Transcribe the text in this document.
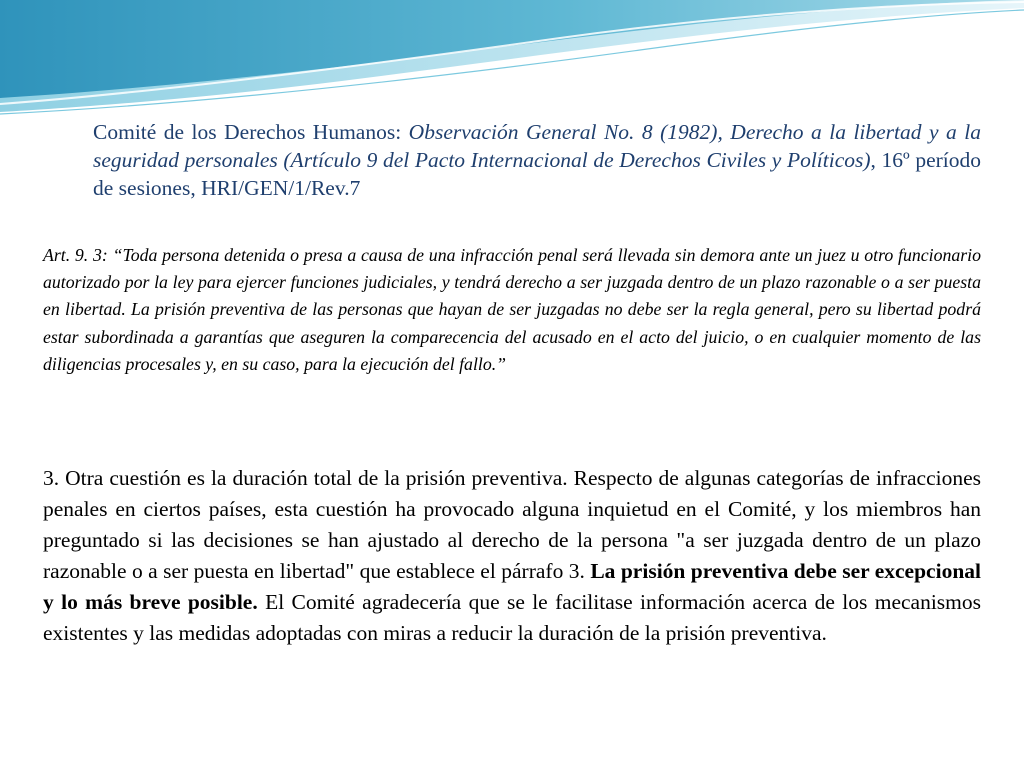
Comité de los Derechos Humanos: Observación General No. 8 (1982), Derecho a la libertad y a la seguridad personales (Artículo 9 del Pacto Internacional de Derechos Civiles y Políticos), 16º período de sesiones, HRI/GEN/1/Rev.7
Art. 9. 3: “Toda persona detenida o presa a causa de una infracción penal será llevada sin demora ante un juez u otro funcionario autorizado por la ley para ejercer funciones judiciales, y tendrá derecho a ser juzgada dentro de un plazo razonable o a ser puesta en libertad. La prisión preventiva de las personas que hayan de ser juzgadas no debe ser la regla general, pero su libertad podrá estar subordinada a garantías que aseguren la comparecencia del acusado en el acto del juicio, o en cualquier momento de las diligencias procesales y, en su caso, para la ejecución del fallo.”
3. Otra cuestión es la duración total de la prisión preventiva. Respecto de algunas categorías de infracciones penales en ciertos países, esta cuestión ha provocado alguna inquietud en el Comité, y los miembros han preguntado si las decisiones se han ajustado al derecho de la persona "a ser juzgada dentro de un plazo razonable o a ser puesta en libertad" que establece el párrafo 3. La prisión preventiva debe ser excepcional y lo más breve posible. El Comité agradecería que se le facilitase información acerca de los mecanismos existentes y las medidas adoptadas con miras a reducir la duración de la prisión preventiva.
